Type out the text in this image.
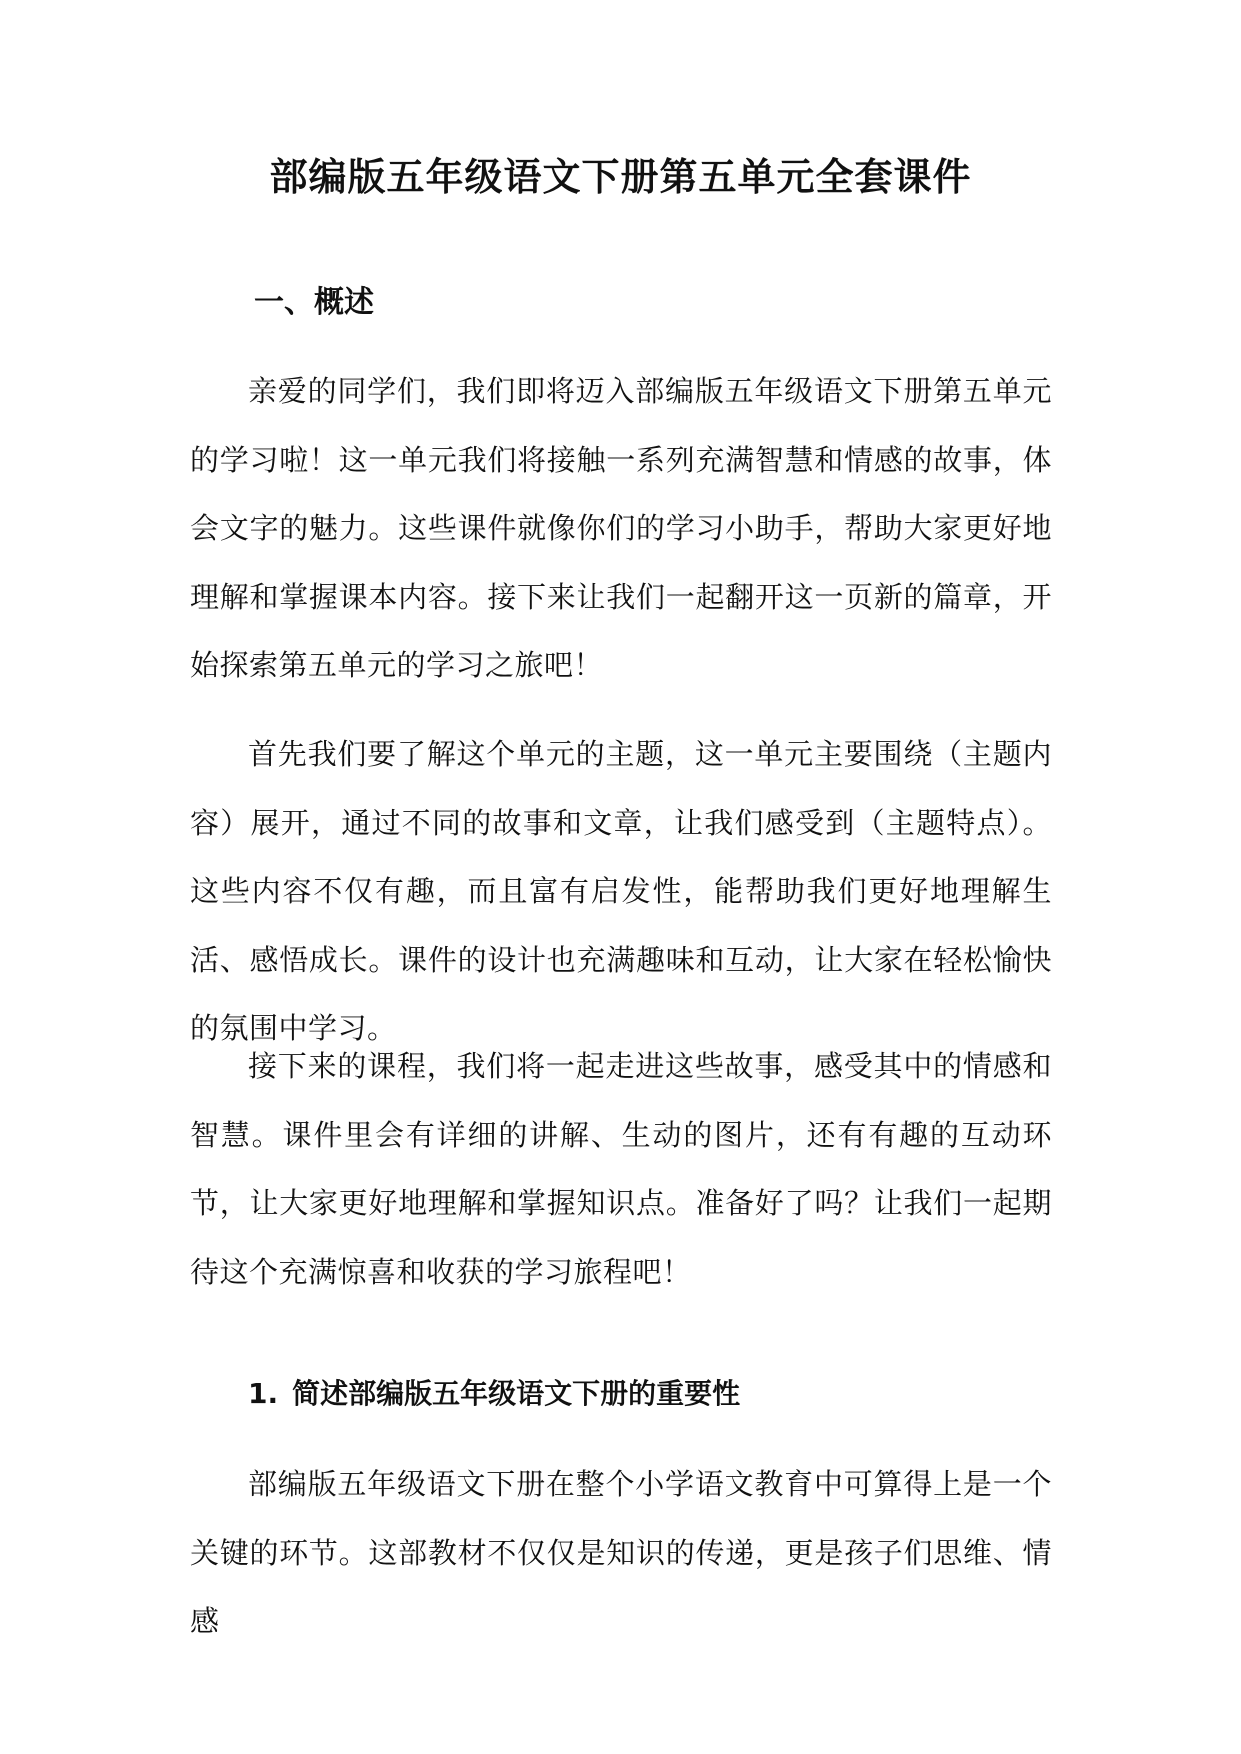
部编版五年级语文下册第五单元全套课件
一、概述

亲爱的同学们，我们即将迈入部编版五年级语文下册第五单元的学习啦！这一单元我们将接触一系列充满智慧和情感的故事，体会文字的魅力。这些课件就像你们的学习小助手，帮助大家更好地理解和掌握课本内容。接下来让我们一起翻开这一页新的篇章，开始探索第五单元的学习之旅吧！

首先我们要了解这个单元的主题，这一单元主要围绕（主题内容）展开，通过不同的故事和文章，让我们感受到（主题特点）。这些内容不仅有趣，而且富有启发性，能帮助我们更好地理解生活、感悟成长。课件的设计也充满趣味和互动，让大家在轻松愉快的氛围中学习。

接下来的课程，我们将一起走进这些故事，感受其中的情感和智慧。课件里会有详细的讲解、生动的图片，还有有趣的互动环节，让大家更好地理解和掌握知识点。准备好了吗？让我们一起期待这个充满惊喜和收获的学习旅程吧！

1. 简述部编版五年级语文下册的重要性

部编版五年级语文下册在整个小学语文教育中可算得上是一个关键的环节。这部教材不仅仅是知识的传递，更是孩子们思维、情感
